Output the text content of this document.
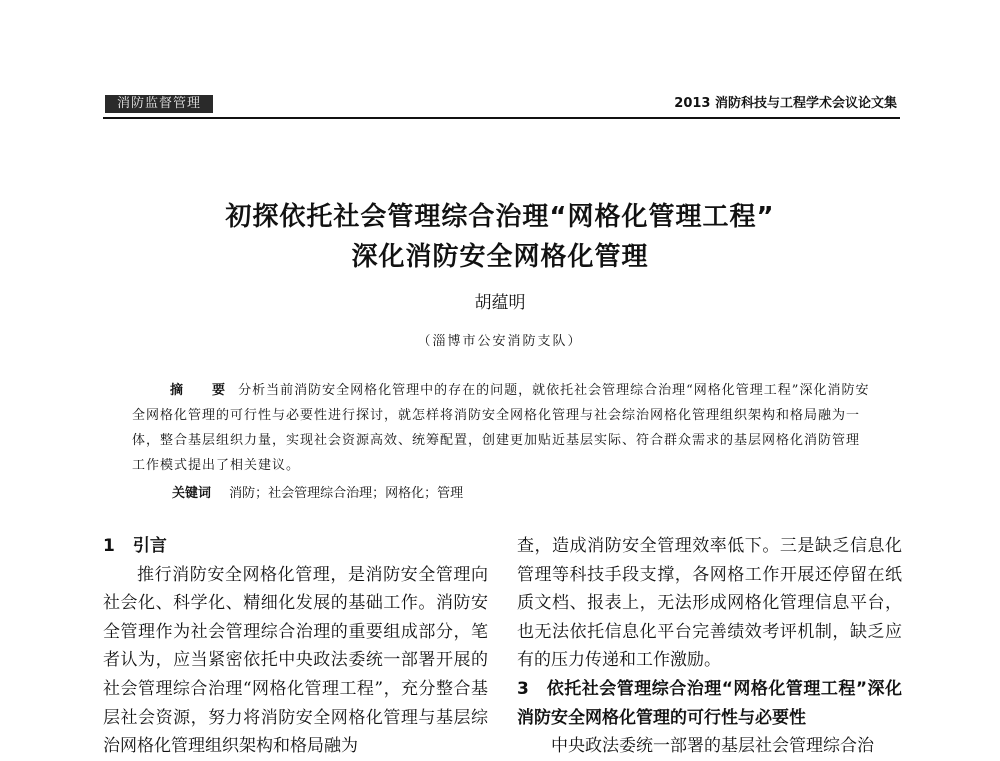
消防监督管理	2013 消防科技与工程学术会议论文集
初探依托社会管理综合治理“网格化管理工程”
深化消防安全网格化管理
胡蕴明
（淄博市公安消防支队）
摘　要 分析当前消防安全网格化管理中的存在的问题，就依托社会管理综合治理“网格化管理工程”深化消防安全网格化管理的可行性与必要性进行探讨，就怎样将消防安全网格化管理与社会综治网格化管理组织架构和格局融为一体，整合基层组织力量，实现社会资源高效、统筹配置，创建更加贴近基层实际、符合群众需求的基层网格化消防管理工作模式提出了相关建议。
关键词 消防；社会管理综合治理；网格化；管理
1 引言
推行消防安全网格化管理，是消防安全管理向社会化、科学化、精细化发展的基础工作。消防安全管理作为社会管理综合治理的重要组成部分，笔者认为，应当紧密依托中央政法委统一部署开展的社会管理综合治理“网格化管理工程”，充分整合基层社会资源，努力将消防安全网格化管理与基层综治网格化管理组织架构和格局融为
查，造成消防安全管理效率低下。三是缺乏信息化管理等科技手段支撑，各网格工作开展还停留在纸质文档、报表上，无法形成网格化管理信息平台，也无法依托信息化平台完善绩效考评机制，缺乏应有的压力传递和工作激励。
3　依托社会管理综合治理“网格化管理工程”深化消防安全网格化管理的可行性与必要性
中央政法委统一部署的基层社会管理综合治
